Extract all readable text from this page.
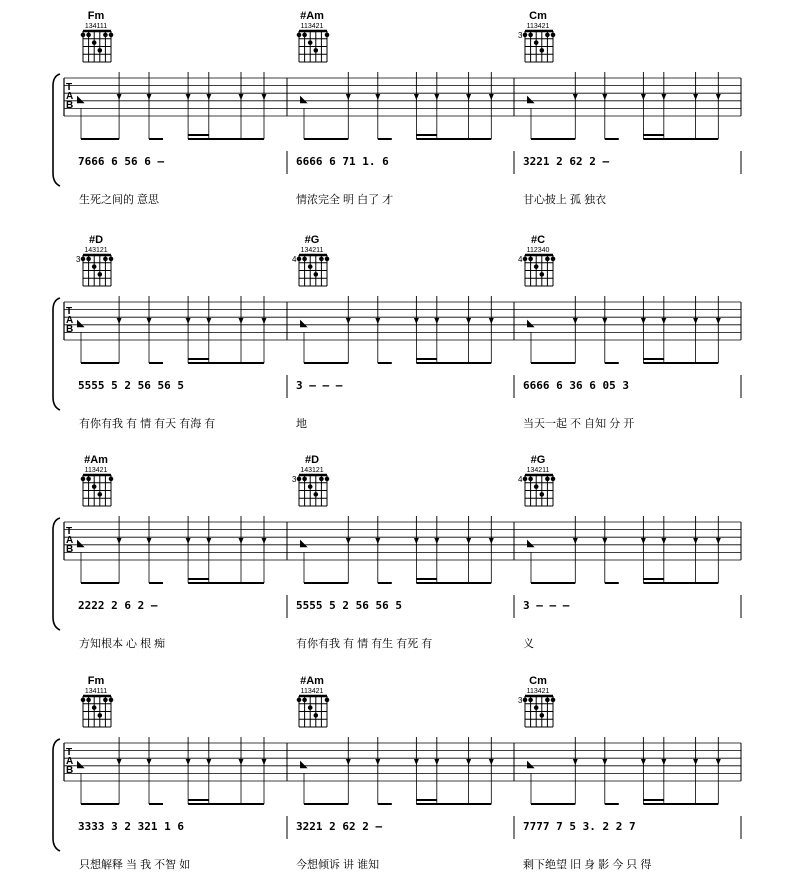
Fm
134111
#Am
113421
Cm
113421
3
T
A
B
◣	◣	◣
7666 6 56 6 –
生死之间的 意思
6666 6 71 1. 6
情浓完全 明 白了 才
3221 2 62 2 –
甘心披上 孤 独衣
#D
143121
3
#G
134211
4
#C
112340
4
T
A
B
◣	◣	◣
5555 5 2 56 56 5
有你有我 有 情 有天 有海 有
3 – – –
地
6666 6 36 6 05 3
当天一起 不 自知 分 开
#Am
113421
#D
143121
3
#G
134211
4
T
A
B
◣	◣	◣
2222 2 6 2 –
方知根本 心 根 痴
5555 5 2 56 56 5
有你有我 有 情 有生 有死 有
3 – – –
义
Fm
134111
#Am
113421
Cm
113421
3
T
A
B
◣	◣	◣
3333 3 2 321 1 6
只想解释 当 我 不智 如
3221 2 62 2 –
今想倾诉 讲 谁知
7777 7 5 3. 2 2 7
剩下绝望 旧 身 影 今 只 得
